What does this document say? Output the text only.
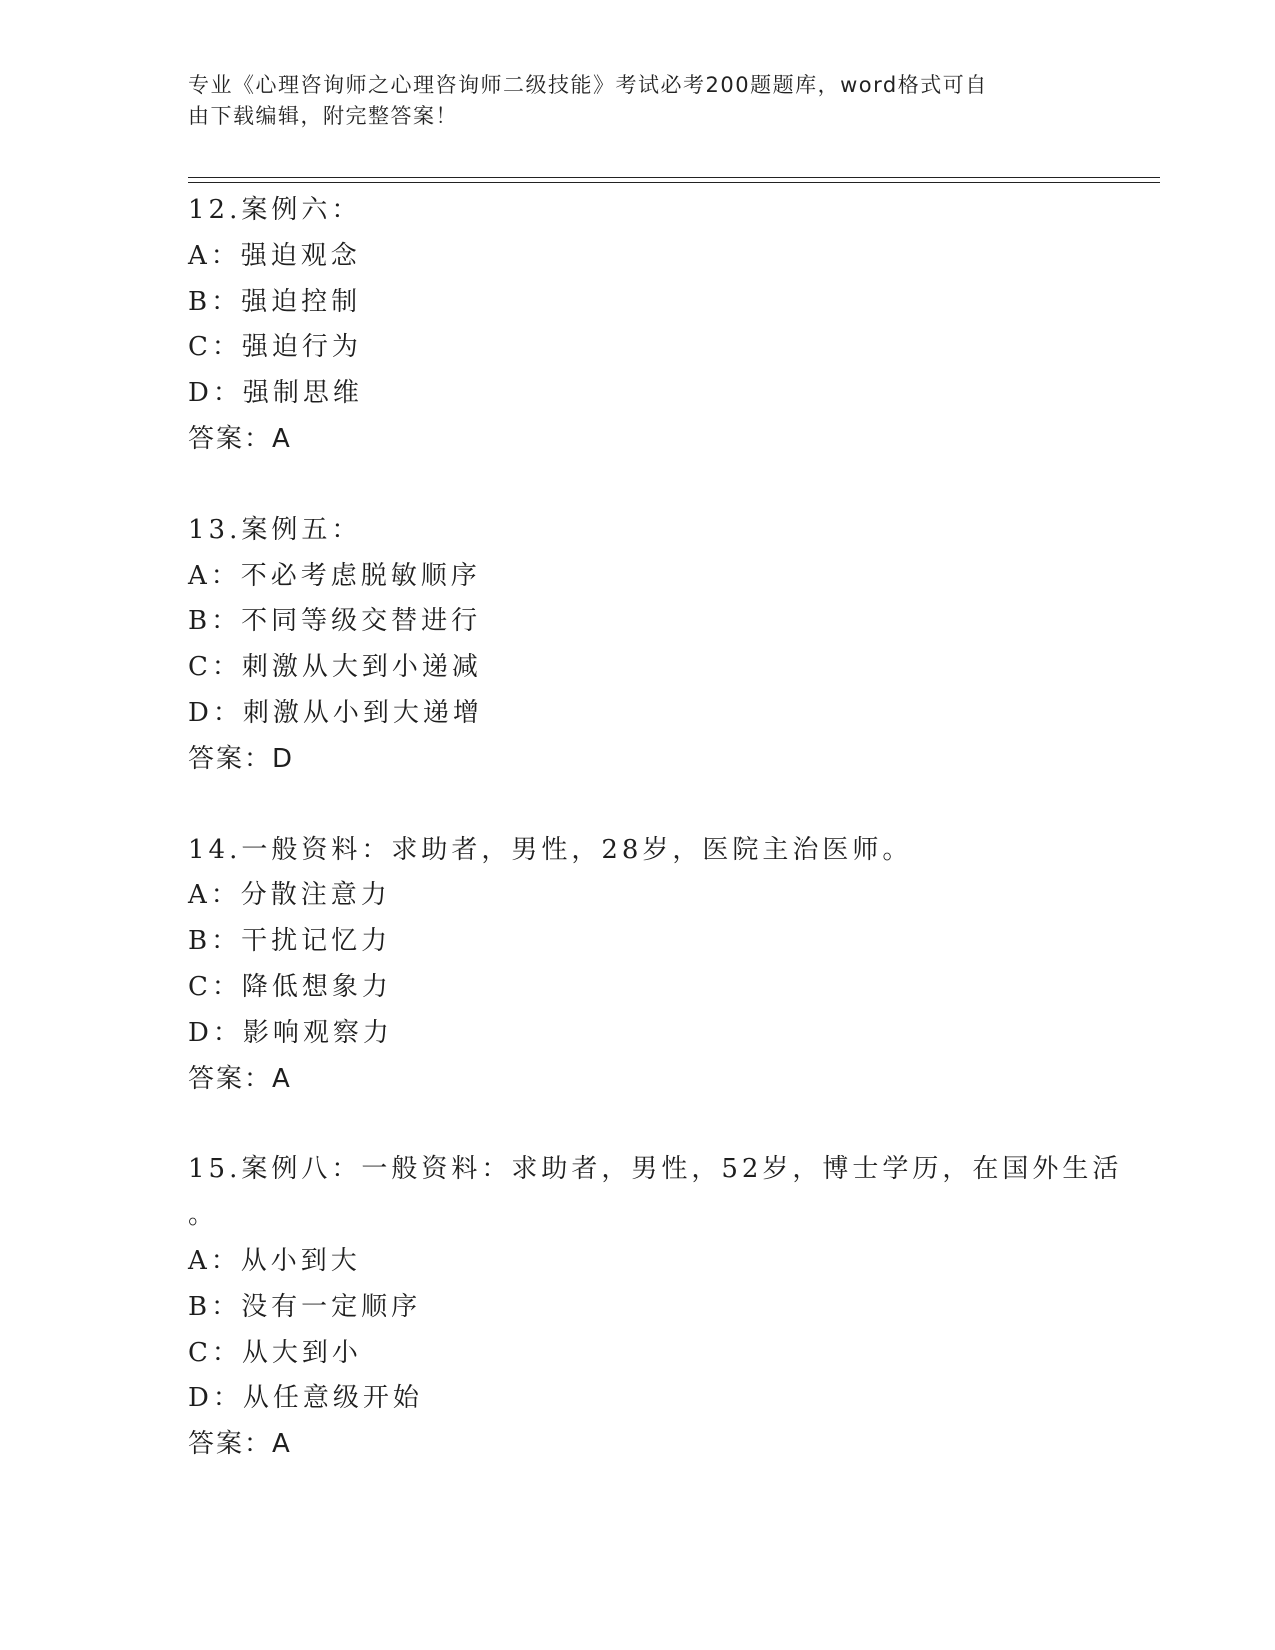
专业《心理咨询师之心理咨询师二级技能》考试必考200题题库，word格式可自
由下载编辑，附完整答案！
12.案例六：
A：强迫观念
B：强迫控制
C：强迫行为
D：强制思维
答案：A
13.案例五：
A：不必考虑脱敏顺序
B：不同等级交替进行
C：刺激从大到小递减
D：刺激从小到大递增
答案：D
14.一般资料：求助者，男性，28岁，医院主治医师。
A：分散注意力
B：干扰记忆力
C：降低想象力
D：影响观察力
答案：A
15.案例八：一般资料：求助者，男性，52岁，博士学历，在国外生活
。
A：从小到大
B：没有一定顺序
C：从大到小
D：从任意级开始
答案：A
